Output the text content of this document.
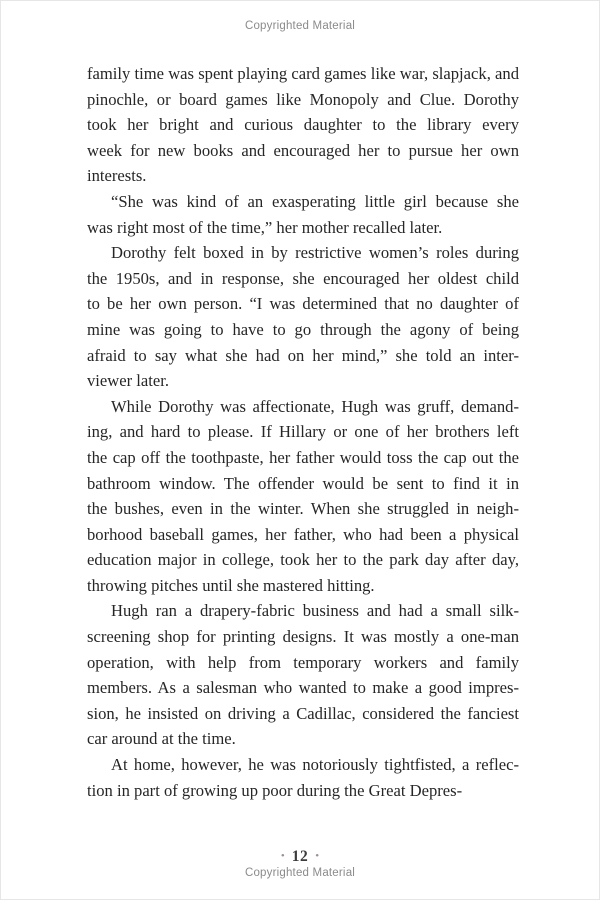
Copyrighted Material
family time was spent playing card games like war, slapjack, and
pinochle, or board games like Monopoly and Clue. Dorothy
took her bright and curious daughter to the library every
week for new books and encouraged her to pursue her own
interests.
“She was kind of an exasperating little girl because she
was right most of the time,” her mother recalled later.
Dorothy felt boxed in by restrictive women’s roles during
the 1950s, and in response, she encouraged her oldest child
to be her own person. “I was determined that no daughter of
mine was going to have to go through the agony of being
afraid to say what she had on her mind,” she told an inter-
viewer later.
While Dorothy was affectionate, Hugh was gruff, demand-
ing, and hard to please. If Hillary or one of her brothers left
the cap off the toothpaste, her father would toss the cap out the
bathroom window. The offender would be sent to find it in
the bushes, even in the winter. When she struggled in neigh-
borhood baseball games, her father, who had been a physical
education major in college, took her to the park day after day,
throwing pitches until she mastered hitting.
Hugh ran a drapery-fabric business and had a small silk-
screening shop for printing designs. It was mostly a one-man
operation, with help from temporary workers and family
members. As a salesman who wanted to make a good impres-
sion, he insisted on driving a Cadillac, considered the fanciest
car around at the time.
At home, however, he was notoriously tightfisted, a reflec-
tion in part of growing up poor during the Great Depres-
• 12 •
Copyrighted Material
